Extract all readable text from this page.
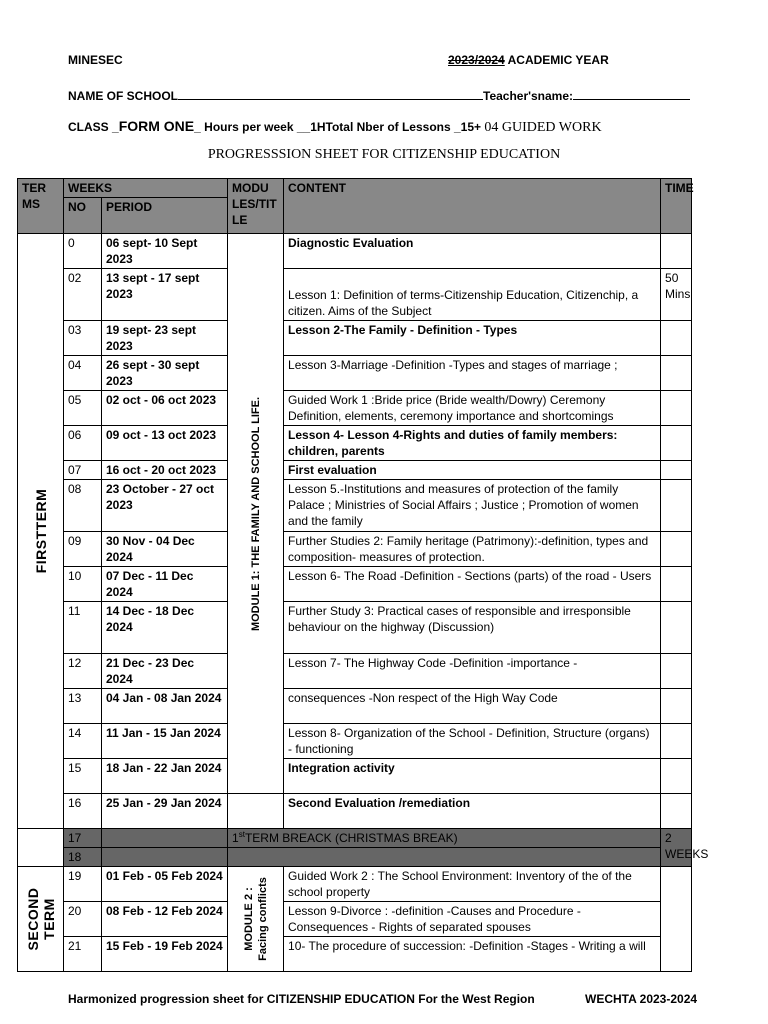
MINESEC	2023/2024 ACADEMIC YEAR
NAME OF SCHOOL	Teacher'sname:
CLASS _FORM ONE_ Hours per week __1HTotal Nber of Lessons _15+ 04 GUIDED WORK
PROGRESSSION SHEET FOR CITIZENSHIP EDUCATION
TER MS	WEEKS		MODU LES/TIT LE	CONTENT	TIME
	NO	PERIOD			

FIRSTTERM	0	06 sept- 10 Sept 2023	MODULE 1: THE FAMILY AND SCHOOL LIFE.	Diagnostic Evaluation	
	02	13 sept - 17 sept 2023		Lesson 1: Definition of terms-Citizenship Education, Citizenchip, a citizen. Aims of the Subject	50 Mins
	03	19 sept- 23 sept 2023		Lesson 2-The Family - Definition - Types	
	04	26 sept - 30 sept 2023		Lesson 3-Marriage -Definition -Types and stages of marriage ;	
	05	02 oct - 06 oct 2023		Guided Work 1 :Bride price (Bride wealth/Dowry) Ceremony Definition, elements, ceremony importance and shortcomings	
	06	09 oct - 13 oct 2023		Lesson 4- Lesson 4-Rights and duties of family members: children, parents	
	07	16 oct - 20 oct 2023		First evaluation	
	08	23 October - 27 oct 2023		Lesson 5.-Institutions and measures of protection of the family Palace ; Ministries of Social Affairs ; Justice ; Promotion of women and the family	
	09	30 Nov - 04 Dec 2024		Further Studies 2: Family heritage (Patrimony):-definition, types and composition- measures of protection.	
	10	07 Dec - 11 Dec 2024		Lesson 6- The Road -Definition - Sections (parts) of the road - Users	
	11	14 Dec - 18 Dec 2024		Further Study 3: Practical cases of responsible and irresponsible behaviour on the highway (Discussion)	
	12	21 Dec - 23 Dec 2024		Lesson 7- The Highway Code -Definition -importance -	
	13	04 Jan - 08 Jan 2024		consequences -Non respect of the High Way Code	
	14	11 Jan - 15 Jan 2024		Lesson 8- Organization of the School - Definition, Structure (organs) - functioning	
	15	18 Jan - 22 Jan 2024		Integration activity	
	16	25 Jan - 29 Jan 2024		Second Evaluation /remediation	
	17		1stTERM BREACK (CHRISTMAS BREAK)		2 WEEKS
	18				

SECOND TERM	19	01 Feb - 05 Feb 2024	MODULE 2 : Facing conflicts	Guided Work 2 : The School Environment: Inventory of the of the school property	
	20	08 Feb - 12 Feb 2024		Lesson 9-Divorce : -definition -Causes and Procedure - Consequences - Rights of separated spouses	
	21	15 Feb - 19 Feb 2024		10- The procedure of succession: -Definition -Stages - Writing a will	
Harmonized progression sheet for CITIZENSHIP EDUCATION For the West Region	WECHTA 2023-2024
